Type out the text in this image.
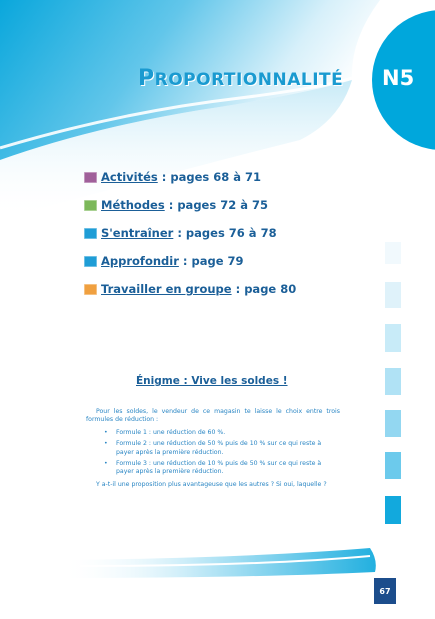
PROPORTIONNALITÉ N5
Activités : pages 68 à 71
Méthodes : pages 72 à 75
S'entraîner : pages 76 à 78
Approfondir : page 79
Travailler en groupe : page 80
Énigme : Vive les soldes !

Pour les soldes, le vendeur de ce magasin te laisse le choix entre trois formules de réduction :

• Formule 1 : une réduction de 60 %.
• Formule 2 : une réduction de 50 % puis de 10 % sur ce qui reste à payer après la première réduction.
• Formule 3 : une réduction de 10 % puis de 50 % sur ce qui reste à payer après la première réduction.

Y a-t-il une proposition plus avantageuse que les autres ? Si oui, laquelle ?

67
